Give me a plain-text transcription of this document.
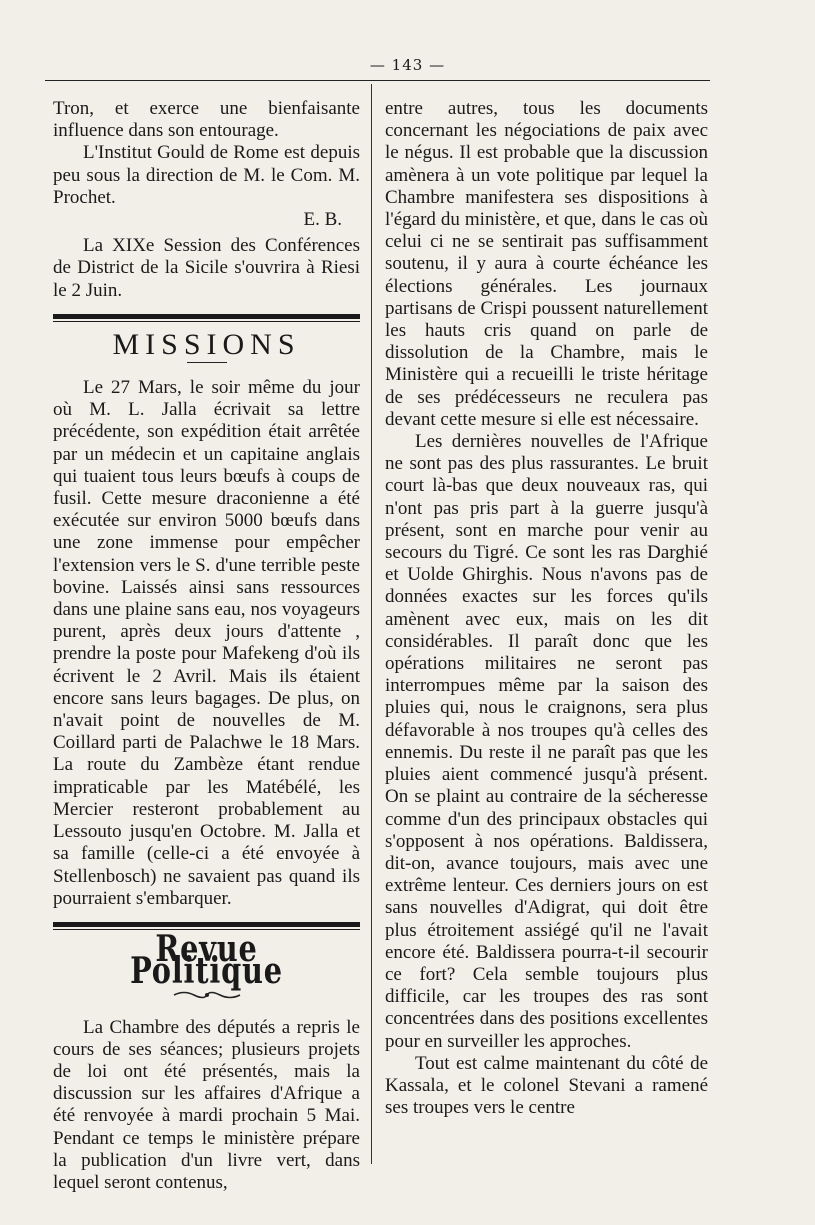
— 143 —

Tron, et exerce une bienfaisante influence dans son entourage.

L'Institut Gould de Rome est depuis peu sous la direction de M. le Com. M. Prochet.

E. B.

La XIXe Session des Conférences de District de la Sicile s'ouvrira à Riesi le 2 Juin.

MISSIONS

Le 27 Mars, le soir même du jour où M. L. Jalla écrivait sa lettre précédente, son expédition était arrêtée par un médecin et un capitaine anglais qui tuaient tous leurs bœufs à coups de fusil. Cette mesure draconienne a été exécutée sur environ 5000 bœufs dans une zone immense pour empêcher l'extension vers le S. d'une terrible peste bovine. Laissés ainsi sans ressources dans une plaine sans eau, nos voyageurs purent, après deux jours d'attente , prendre la poste pour Mafekeng d'où ils écrivent le 2 Avril. Mais ils étaient encore sans leurs bagages. De plus, on n'avait point de nouvelles de M. Coillard parti de Palachwe le 18 Mars. La route du Zambèze étant rendue impraticable par les Matébélé, les Mercier resteront probablement au Lessouto jusqu'en Octobre. M. Jalla et sa famille (celle-ci a été envoyée à Stellenbosch) ne savaient pas quand ils pourraient s'embarquer.

Revue Politique

La Chambre des députés a repris le cours de ses séances; plusieurs projets de loi ont été présentés, mais la discussion sur les affaires d'Afrique a été renvoyée à mardi prochain 5 Mai. Pendant ce temps le ministère prépare la publication d'un livre vert, dans lequel seront contenus,

entre autres, tous les documents concernant les négociations de paix avec le négus. Il est probable que la discussion amènera à un vote politique par lequel la Chambre manifestera ses dispositions à l'égard du ministère, et que, dans le cas où celui ci ne se sentirait pas suffisamment soutenu, il y aura à courte échéance les élections générales. Les journaux partisans de Crispi poussent naturellement les hauts cris quand on parle de dissolution de la Chambre, mais le Ministère qui a recueilli le triste héritage de ses prédécesseurs ne reculera pas devant cette mesure si elle est nécessaire.

Les dernières nouvelles de l'Afrique ne sont pas des plus rassurantes. Le bruit court là-bas que deux nouveaux ras, qui n'ont pas pris part à la guerre jusqu'à présent, sont en marche pour venir au secours du Tigré. Ce sont les ras Darghié et Uolde Ghirghis. Nous n'avons pas de données exactes sur les forces qu'ils amènent avec eux, mais on les dit considérables. Il paraît donc que les opérations militaires ne seront pas interrompues même par la saison des pluies qui, nous le craignons, sera plus défavorable à nos troupes qu'à celles des ennemis. Du reste il ne paraît pas que les pluies aient commencé jusqu'à présent. On se plaint au contraire de la sécheresse comme d'un des principaux obstacles qui s'opposent à nos opérations. Baldissera, dit-on, avance toujours, mais avec une extrême lenteur. Ces derniers jours on est sans nouvelles d'Adigrat, qui doit être plus étroitement assiégé qu'il ne l'avait encore été. Baldissera pourra-t-il secourir ce fort? Cela semble toujours plus difficile, car les troupes des ras sont concentrées dans des positions excellentes pour en surveiller les approches.

Tout est calme maintenant du côté de Kassala, et le colonel Stevani a ramené ses troupes vers le centre
